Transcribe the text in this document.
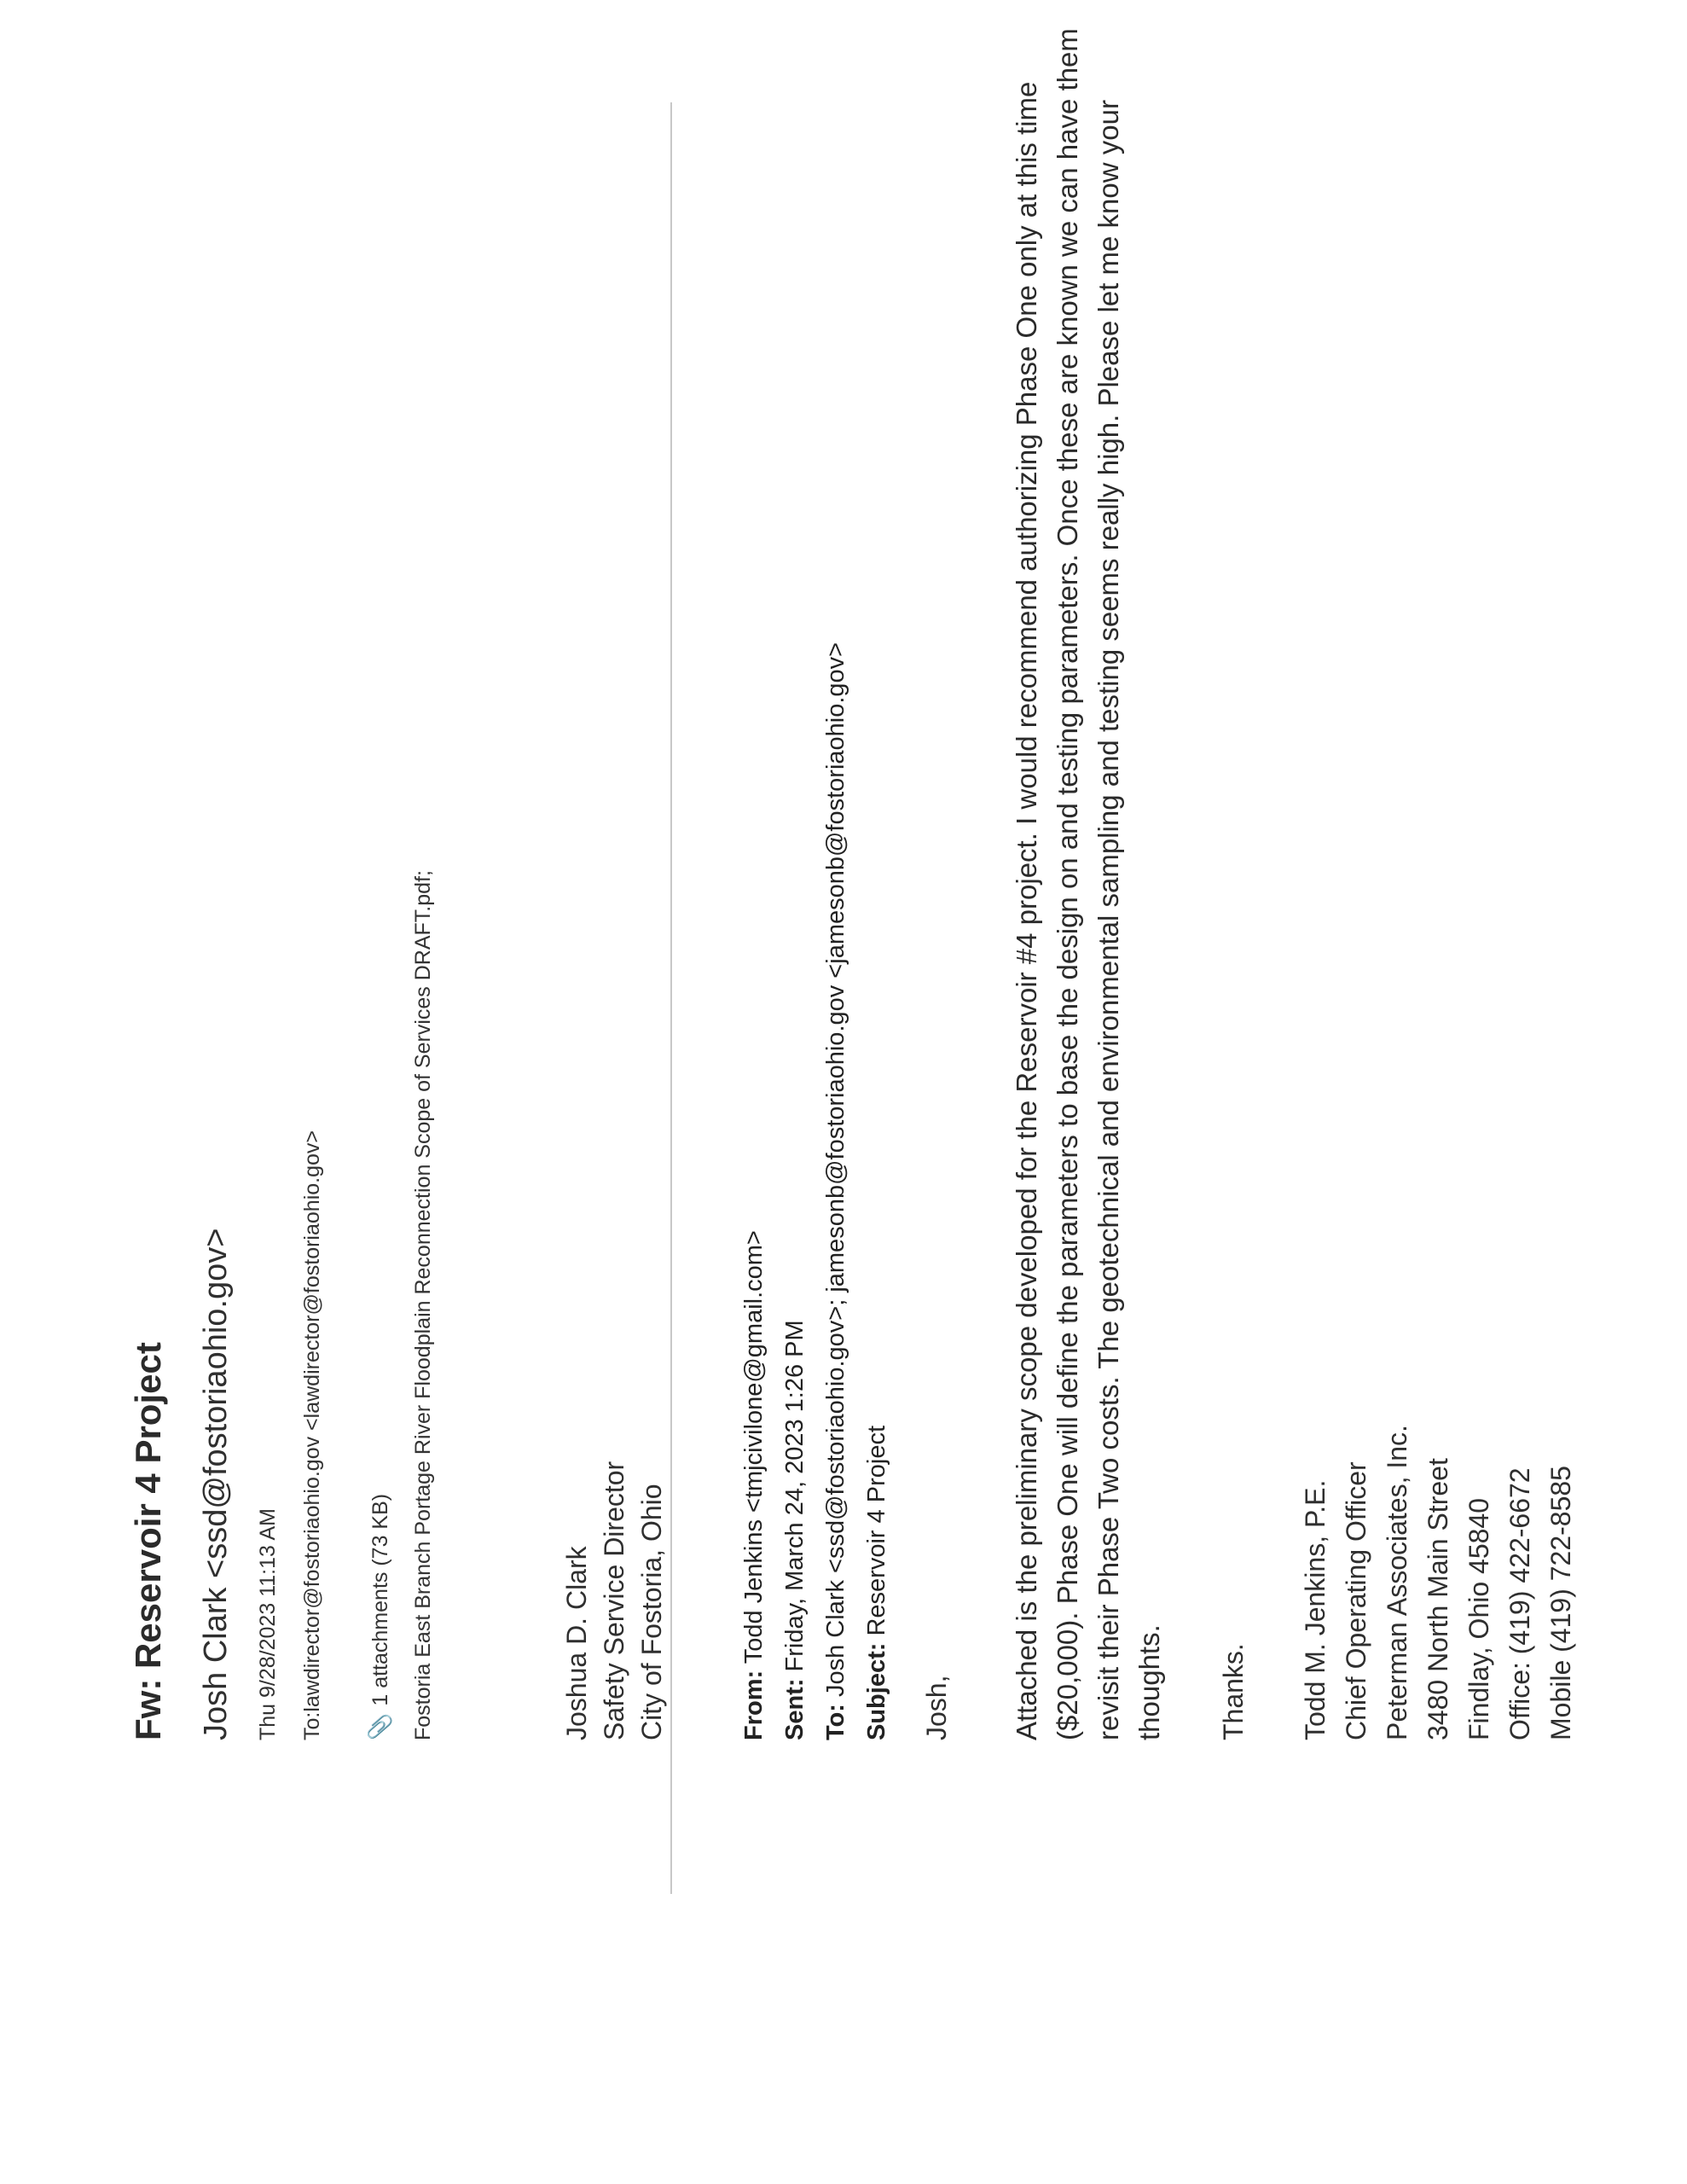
Fw: Reservoir 4 Project Josh Clark <ssd@fostoriaohio.gov> Thu 9/28/2023 11:13 AM To:lawdirector@fostoriaohio.gov <lawdirector@fostoriaohio.gov> 📎1 attachments (73 KB) Fostoria East Branch Portage River Floodplain Reconnection Scope of Services DRAFT.pdf;	Joshua D. Clark Safety Service Director City of Fostoria, Ohio	From: Todd Jenkins <tmjcivilone@gmail.com>
Sent: Friday, March 24, 2023 1:26 PM
To: Josh Clark <ssd@fostoriaohio.gov>; jamesonb@fostoriaohio.gov <jamesonb@fostoriaohio.gov> Subject: Reservoir 4 Project
Josh, Attached is the preliminary scope developed for the Reservoir #4 project. I would recommend authorizing Phase One only at this time ($20,000). Phase One will define the parameters to base the design on and testing parameters. Once these are known we can have them revisit their Phase Two costs. The geotechnical and environmental sampling and testing seems really high. Please let me know your thoughts. Thanks. Todd M. Jenkins, P.E. Chief Operating Officer Peterman Associates, Inc. 3480 North Main Street Findlay, Ohio 45840 Office: (419) 422-6672 Mobile (419) 722-8585
